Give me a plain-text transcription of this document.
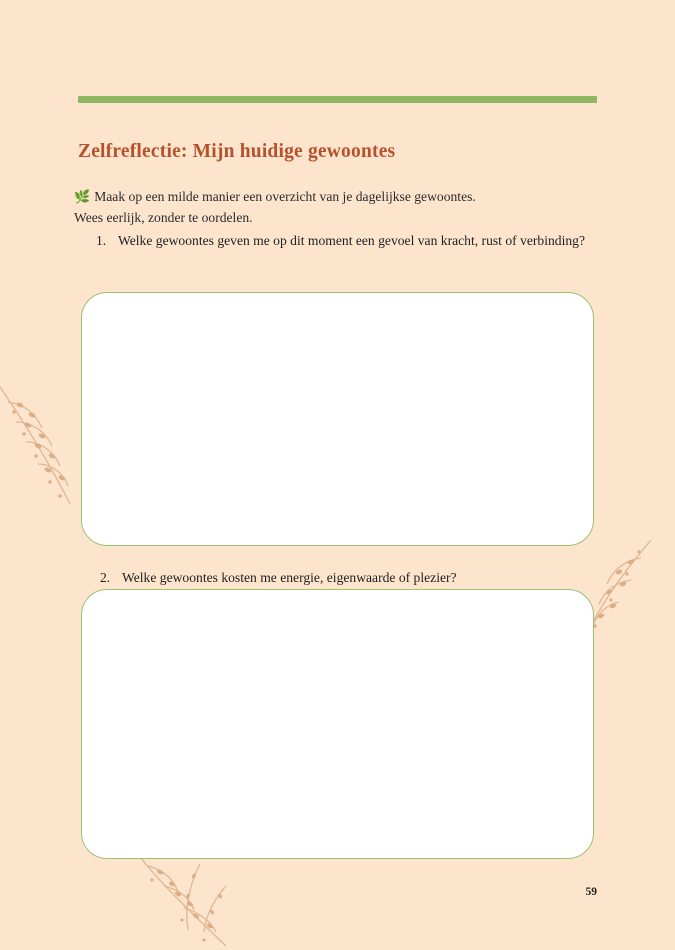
Zelfreflectie: Mijn huidige gewoontes

🌿 Maak op een milde manier een overzicht van je dagelijkse gewoontes.
Wees eerlijk, zonder te oordelen.

1. Welke gewoontes geven me op dit moment een gevoel van kracht, rust of verbinding?
2. Welke gewoontes kosten me energie, eigenwaarde of plezier?
59
